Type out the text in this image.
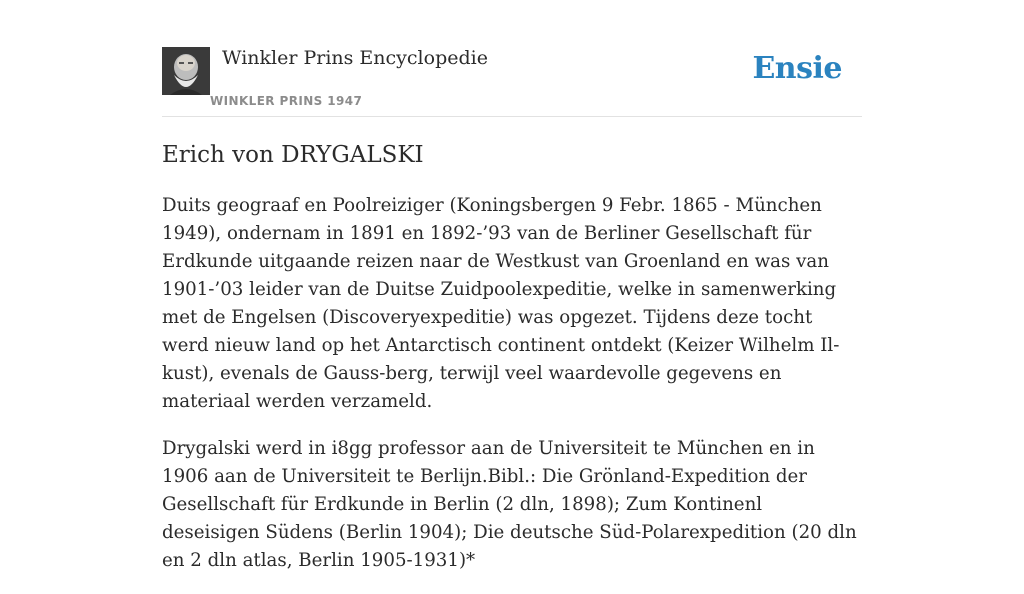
Winkler Prins Encyclopedie
WINKLER PRINS 1947
Ensie
Erich von DRYGALSKI

Duits geograaf en Poolreiziger (Koningsbergen 9 Febr. 1865 - München 1949), ondernam in 1891 en 1892-’93 van de Berliner Gesellschaft für Erdkunde uitgaande reizen naar de Westkust van Groenland en was van 1901-’03 leider van de Duitse Zuidpoolexpeditie, welke in samenwerking met de Engelsen (Discoveryexpeditie) was opgezet. Tijdens deze tocht werd nieuw land op het Antarctisch continent ontdekt (Keizer Wilhelm Il-kust), evenals de Gauss-berg, terwijl veel waardevolle gegevens en materiaal werden verzameld.

Drygalski werd in i8gg professor aan de Universiteit te München en in 1906 aan de Universiteit te Berlijn.Bibl.: Die Grönland-Expedition der Gesellschaft für Erdkunde in Berlin (2 dln, 1898); Zum Kontinenl deseisigen Südens (Berlin 1904); Die deutsche Süd-Polarexpedition (20 dln en 2 dln atlas, Berlin 1905-1931)*
